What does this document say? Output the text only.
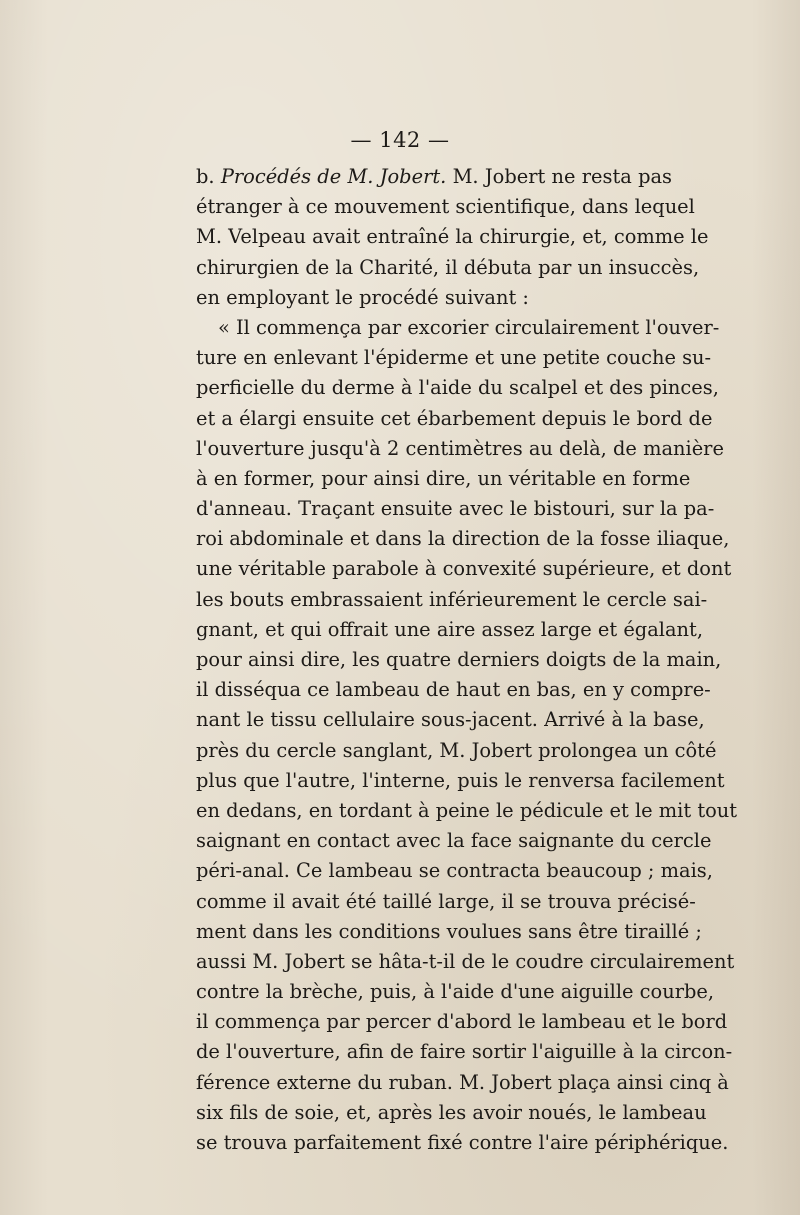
— 142 —
b. Procédés de M. Jobert. M. Jobert ne resta pas
étranger à ce mouvement scientifique, dans lequel
M. Velpeau avait entraîné la chirurgie, et, comme le
chirurgien de la Charité, il débuta par un insuccès,
en employant le procédé suivant :
« Il commença par excorier circulairement l'ouver-
ture en enlevant l'épiderme et une petite couche su-
perficielle du derme à l'aide du scalpel et des pinces,
et a élargi ensuite cet ébarbement depuis le bord de
l'ouverture jusqu'à 2 centimètres au delà, de manière
à en former, pour ainsi dire, un véritable en forme
d'anneau. Traçant ensuite avec le bistouri, sur la pa-
roi abdominale et dans la direction de la fosse iliaque,
une véritable parabole à convexité supérieure, et dont
les bouts embrassaient inférieurement le cercle sai-
gnant, et qui offrait une aire assez large et égalant,
pour ainsi dire, les quatre derniers doigts de la main,
il disséqua ce lambeau de haut en bas, en y compre-
nant le tissu cellulaire sous-jacent. Arrivé à la base,
près du cercle sanglant, M. Jobert prolongea un côté
plus que l'autre, l'interne, puis le renversa facilement
en dedans, en tordant à peine le pédicule et le mit tout
saignant en contact avec la face saignante du cercle
péri-anal. Ce lambeau se contracta beaucoup ; mais,
comme il avait été taillé large, il se trouva précisé-
ment dans les conditions voulues sans être tiraillé ;
aussi M. Jobert se hâta-t-il de le coudre circulairement
contre la brèche, puis, à l'aide d'une aiguille courbe,
il commença par percer d'abord le lambeau et le bord
de l'ouverture, afin de faire sortir l'aiguille à la circon-
férence externe du ruban. M. Jobert plaça ainsi cinq à
six fils de soie, et, après les avoir noués, le lambeau
se trouva parfaitement fixé contre l'aire périphérique.
